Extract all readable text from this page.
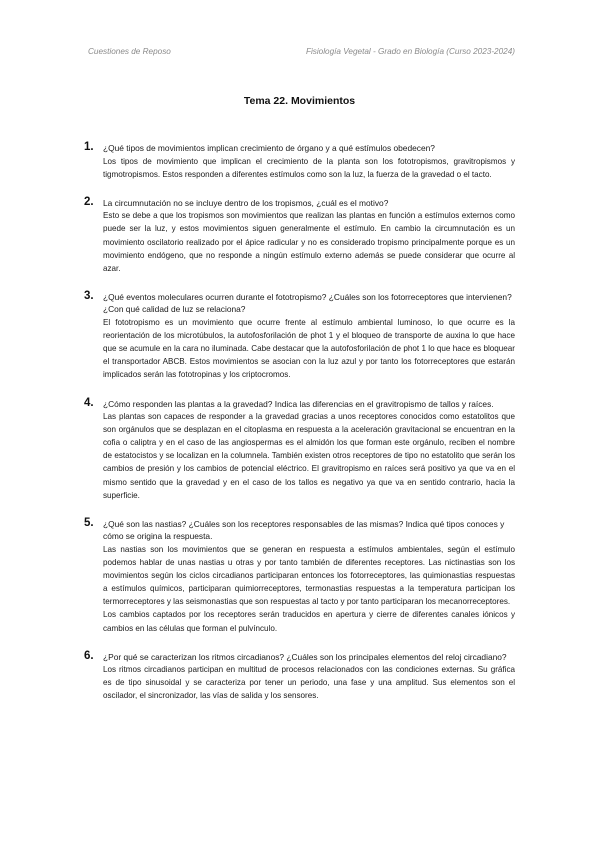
Cuestiones de Reposo	Fisiología Vegetal - Grado en Biología (Curso 2023-2024)
Tema 22. Movimientos
1. ¿Qué tipos de movimientos implican crecimiento de órgano y a qué estímulos obedecen?

Los tipos de movimiento que implican el crecimiento de la planta son los fototropismos, gravitropismos y tigmotropismos. Estos responden a diferentes estímulos como son la luz, la fuerza de la gravedad o el tacto.

2. La circumnutación no se incluye dentro de los tropismos, ¿cuál es el motivo?

Esto se debe a que los tropismos son movimientos que realizan las plantas en función a estímulos externos como puede ser la luz, y estos movimientos siguen generalmente el estímulo. En cambio la circumnutación es un movimiento oscilatorio realizado por el ápice radicular y no es considerado tropismo principalmente porque es un movimiento endógeno, que no responde a ningún estímulo externo además se puede considerar que ocurre al azar.

3. ¿Qué eventos moleculares ocurren durante el fototropismo? ¿Cuáles son los fotorreceptores que intervienen? ¿Con qué calidad de luz se relaciona?

El fototropismo es un movimiento que ocurre frente al estímulo ambiental luminoso, lo que ocurre es la reorientación de los microtúbulos, la autofosforilación de phot 1 y el bloqueo de transporte de auxina lo que hace que se acumule en la cara no iluminada. Cabe destacar que la autofosforilación de phot 1 lo que hace es bloquear el transportador ABCB. Estos movimientos se asocian con la luz azul y por tanto los fotorreceptores que estarán implicados serán las fototropinas y los criptocromos.

4. ¿Cómo responden las plantas a la gravedad? Indica las diferencias en el gravitropismo de tallos y raíces.

Las plantas son capaces de responder a la gravedad gracias a unos receptores conocidos como estatolitos que son orgánulos que se desplazan en el citoplasma en respuesta a la aceleración gravitacional se encuentran en la cofia o caliptra y en el caso de las angiospermas es el almidón los que forman este orgánulo, reciben el nombre de estatocistos y se localizan en la columnela. También existen otros receptores de tipo no estatolito que serán los cambios de presión y los cambios de potencial eléctrico. El gravitropismo en raíces será positivo ya que va en el mismo sentido que la gravedad y en el caso de los tallos es negativo ya que va en sentido contrario, hacia la superficie.

5. ¿Qué son las nastias? ¿Cuáles son los receptores responsables de las mismas? Indica qué tipos conoces y cómo se origina la respuesta.

Las nastias son los movimientos que se generan en respuesta a estímulos ambientales, según el estímulo podemos hablar de unas nastias u otras y por tanto también de diferentes receptores. Las nictinastias son los movimientos según los ciclos circadianos participaran entonces los fotorreceptores, las quimionastias respuestas a estímulos químicos, participaran quimiorreceptores, termonastias respuestas a la temperatura participan los termorreceptores y las seismonastias que son respuestas al tacto y por tanto participaran los mecanorreceptores.

Los cambios captados por los receptores serán traducidos en apertura y cierre de diferentes canales iónicos y cambios en las células que forman el pulvínculo.

6. ¿Por qué se caracterizan los ritmos circadianos? ¿Cuáles son los principales elementos del reloj circadiano?

Los ritmos circadianos participan en multitud de procesos relacionados con las condiciones externas. Su gráfica es de tipo sinusoidal y se caracteriza por tener un periodo, una fase y una amplitud. Sus elementos son el oscilador, el sincronizador, las vías de salida y los sensores.
